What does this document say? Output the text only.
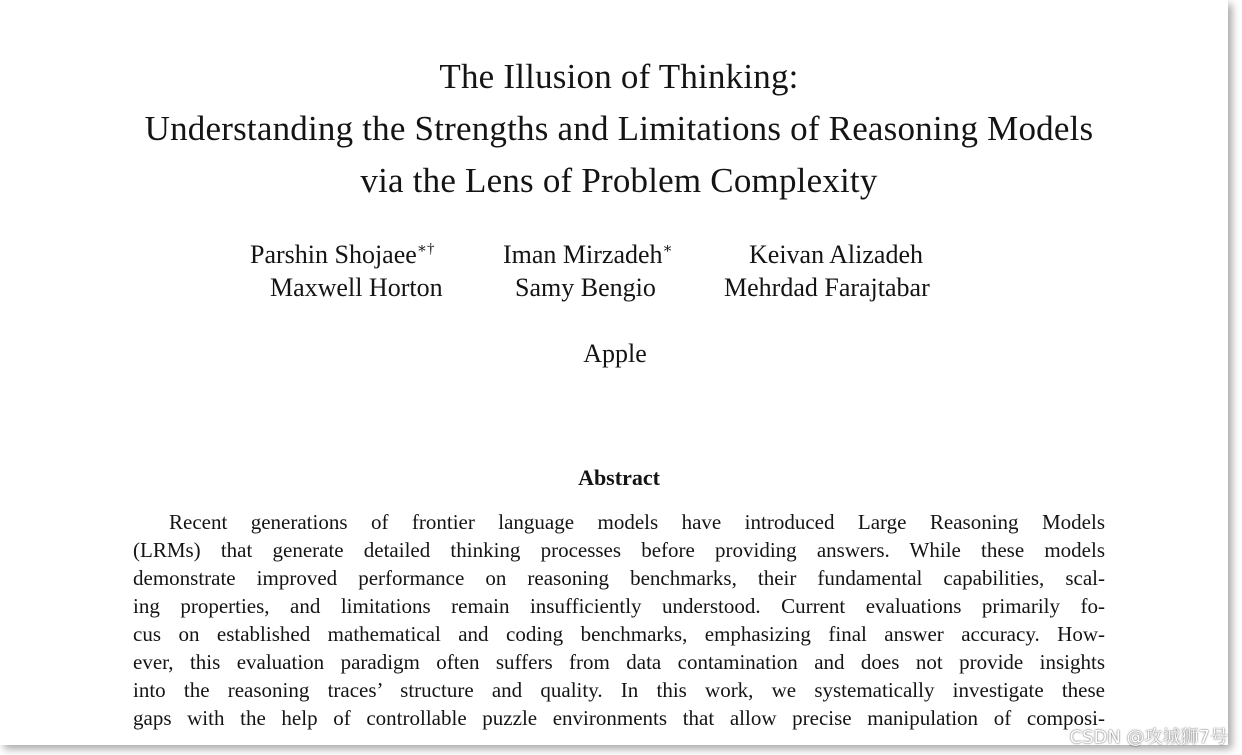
The Illusion of Thinking:
Understanding the Strengths and Limitations of Reasoning Models
via the Lens of Problem Complexity
Parshin Shojaee∗†	Iman Mirzadeh∗	Keivan Alizadeh
Maxwell Horton	Samy Bengio	Mehrdad Farajtabar
Apple
Abstract
Recent generations of frontier language models have introduced Large Reasoning Models
(LRMs) that generate detailed thinking processes before providing answers. While these models
demonstrate improved performance on reasoning benchmarks, their fundamental capabilities, scal-
ing properties, and limitations remain insufficiently understood. Current evaluations primarily fo-
cus on established mathematical and coding benchmarks, emphasizing final answer accuracy. How-
ever, this evaluation paradigm often suffers from data contamination and does not provide insights
into the reasoning traces’ structure and quality. In this work, we systematically investigate these
gaps with the help of controllable puzzle environments that allow precise manipulation of composi-
CSDN @攻城狮7号
